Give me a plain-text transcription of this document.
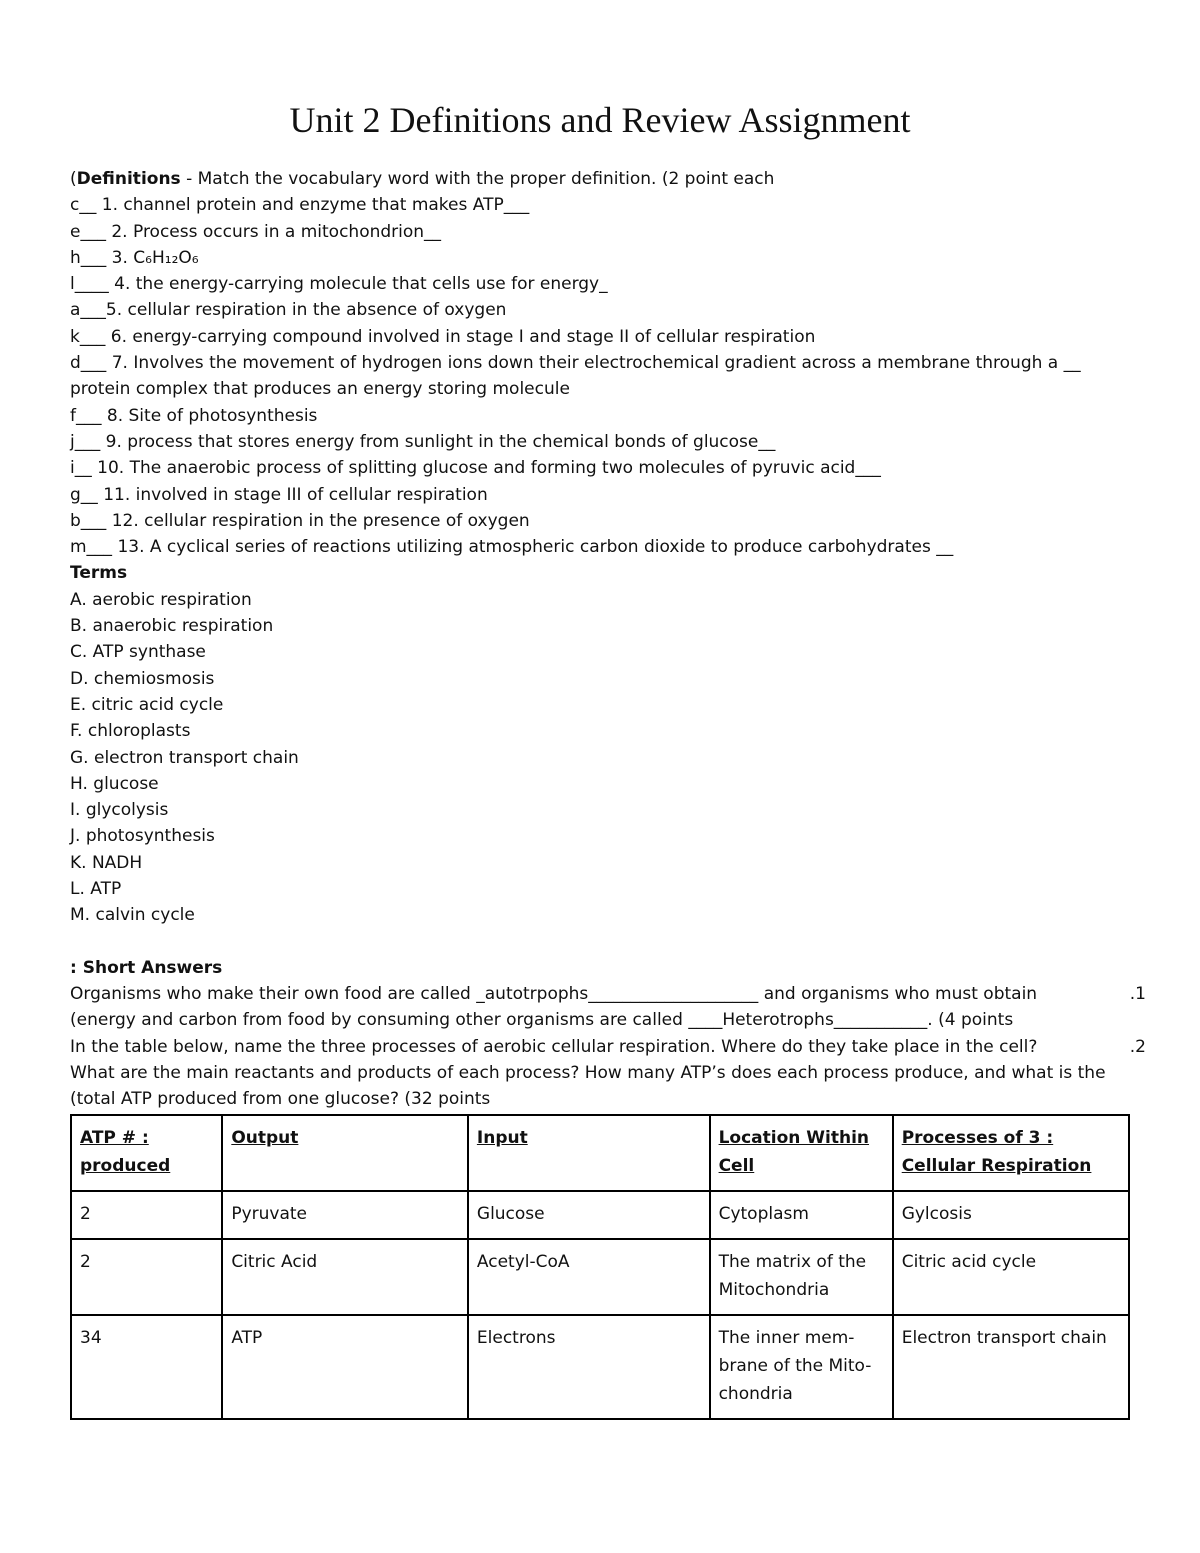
Unit 2 Definitions and Review Assignment
(Definitions - Match the vocabulary word with the proper definition. (2 point each
c__ 1. channel protein and enzyme that makes ATP___
e___ 2. Process occurs in a mitochondrion__
h___ 3. C₆H₁₂O₆
l____ 4. the energy-carrying molecule that cells use for energy_
a___5. cellular respiration in the absence of oxygen
k___ 6. energy-carrying compound involved in stage I and stage II of cellular respiration
d___ 7. Involves the movement of hydrogen ions down their electrochemical gradient across a membrane through a __ protein complex that produces an energy storing molecule
f___ 8. Site of photosynthesis
j___ 9. process that stores energy from sunlight in the chemical bonds of glucose__
i__ 10. The anaerobic process of splitting glucose and forming two molecules of pyruvic acid___
g__ 11. involved in stage III of cellular respiration
b___ 12. cellular respiration in the presence of oxygen
m___ 13. A cyclical series of reactions utilizing atmospheric carbon dioxide to produce carbohydrates __
Terms
A. aerobic respiration
B. anaerobic respiration
C. ATP synthase
D. chemiosmosis
E. citric acid cycle
F. chloroplasts
G. electron transport chain
H. glucose
I. glycolysis
J. photosynthesis
K. NADH
L. ATP
M. calvin cycle
: Short Answers
Organisms who make their own food are called _autotrpophs____________________ and organisms who must obtain	.1
(energy and carbon from food by consuming other organisms are called ____Heterotrophs___________. (4 points
In the table below, name the three processes of aerobic cellular respiration. Where do they take place in the cell?	.2
What are the main reactants and products of each process? How many ATP’s does each process produce, and what is the
(total ATP produced from one glucose? (32 points
ATP # : produced	Output	Input	Location Within Cell	Processes of 3 : Cellular Respiration
2	Pyruvate	Glucose	Cytoplasm	Gylcosis
2	Citric Acid	Acetyl-CoA	The matrix of the Mitochondria	Citric acid cycle
34	ATP	Electrons	The inner mem-brane of the Mito-chondria	Electron transport chain
